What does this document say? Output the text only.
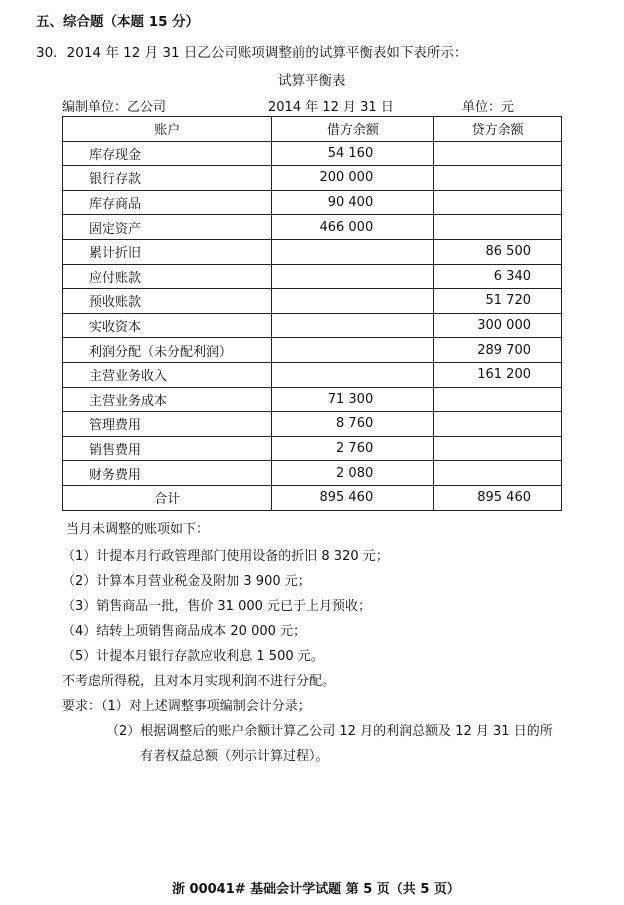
五、综合题（本题 15 分）
30．2014 年 12 月 31 日乙公司账项调整前的试算平衡表如下表所示：
试算平衡表
编制单位：乙公司	2014 年 12 月 31 日	单位：元
账户	借方余额	贷方余额
库存现金	54 160	
银行存款	200 000	
库存商品	90 400	
固定资产	466 000	
累计折旧		86 500
应付账款		6 340
预收账款		51 720
实收资本		300 000
利润分配（未分配利润）		289 700
主营业务收入		161 200
主营业务成本	71 300	
管理费用	8 760	
销售费用	2 760	
财务费用	2 080	
合计	895 460	895 460
当月未调整的账项如下：
（1）计提本月行政管理部门使用设备的折旧 8 320 元；
（2）计算本月营业税金及附加 3 900 元；
（3）销售商品一批，售价 31 000 元已于上月预收；
（4）结转上项销售商品成本 20 000 元；
（5）计提本月银行存款应收利息 1 500 元。
不考虑所得税，且对本月实现利润不进行分配。
要求：（1）对上述调整事项编制会计分录；
（2）根据调整后的账户余额计算乙公司 12 月的利润总额及 12 月 31 日的所
有者权益总额（列示计算过程）。
浙 00041# 基础会计学试题 第 5 页（共 5 页）
